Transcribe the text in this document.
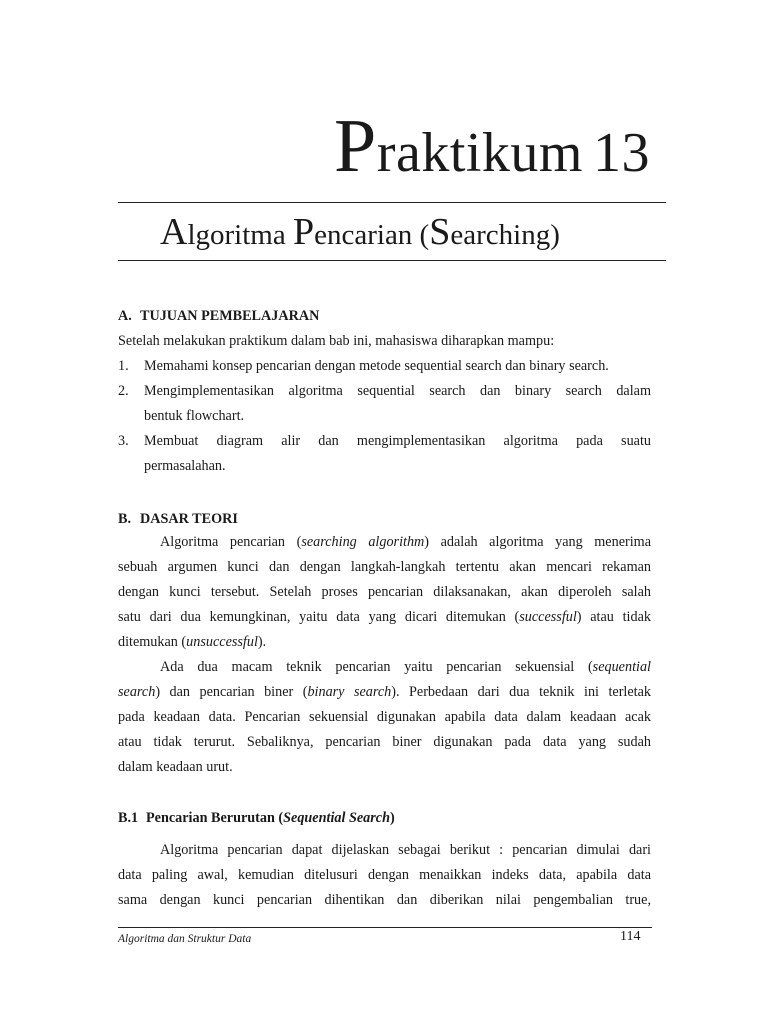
Praktikum 13
Algoritma Pencarian (Searching)
A. TUJUAN PEMBELAJARAN
Setelah melakukan praktikum dalam bab ini, mahasiswa diharapkan mampu:
1. Memahami konsep pencarian dengan metode sequential search dan binary search.
2. Mengimplementasikan algoritma sequential search dan binary search dalam
bentuk flowchart.
3. Membuat diagram alir dan mengimplementasikan algoritma pada suatu
permasalahan.
B. DASAR TEORI
Algoritma pencarian (searching algorithm) adalah algoritma yang menerima
sebuah argumen kunci dan dengan langkah-langkah tertentu akan mencari rekaman
dengan kunci tersebut. Setelah proses pencarian dilaksanakan, akan diperoleh salah
satu dari dua kemungkinan, yaitu data yang dicari ditemukan (successful) atau tidak
ditemukan (unsuccessful).
Ada dua macam teknik pencarian yaitu pencarian sekuensial (sequential
search) dan pencarian biner (binary search). Perbedaan dari dua teknik ini terletak
pada keadaan data. Pencarian sekuensial digunakan apabila data dalam keadaan acak
atau tidak terurut. Sebaliknya, pencarian biner digunakan pada data yang sudah
dalam keadaan urut.
B.1 Pencarian Berurutan (Sequential Search)
Algoritma pencarian dapat dijelaskan sebagai berikut : pencarian dimulai dari
data paling awal, kemudian ditelusuri dengan menaikkan indeks data, apabila data
sama dengan kunci pencarian dihentikan dan diberikan nilai pengembalian true,
Algoritma dan Struktur Data	114
